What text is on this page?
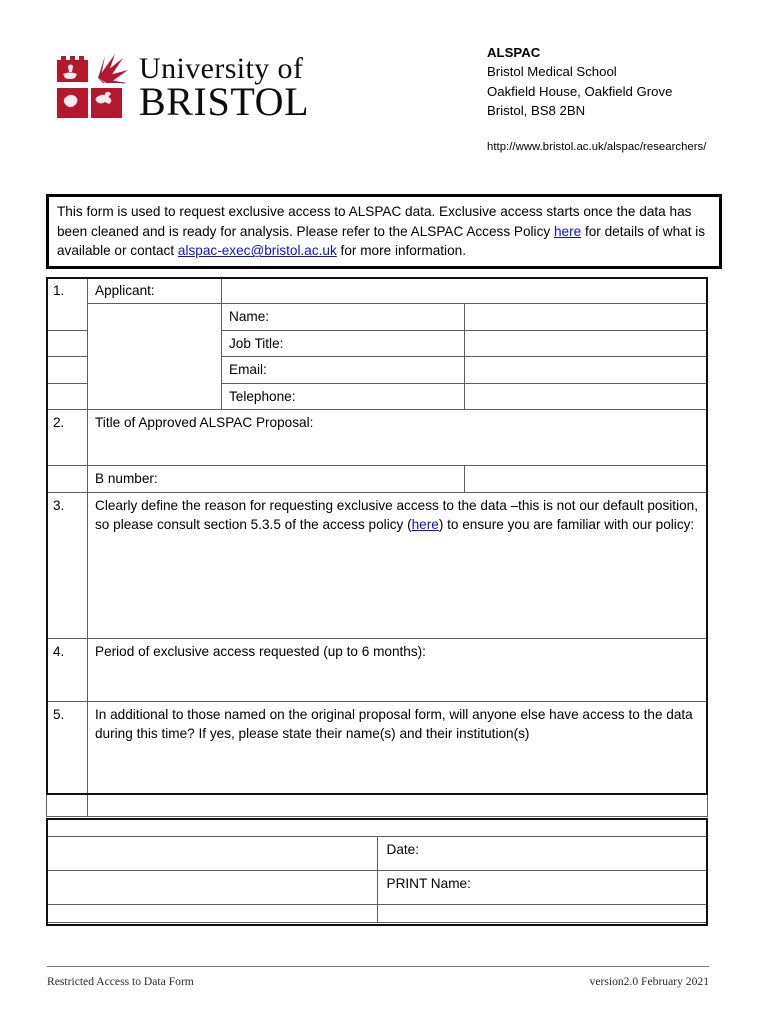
University of
BRISTOL
ALSPAC
Bristol Medical School
Oakfield House, Oakfield Grove
Bristol, BS8 2BN
http://www.bristol.ac.uk/alspac/researchers/
This form is used to request exclusive access to ALSPAC data. Exclusive access starts once the data has been cleaned and is ready for analysis. Please refer to the ALSPAC Access Policy here for details of what is available or contact alspac-exec@bristol.ac.uk for more information.
1.	Applicant:		
		Name:	
		Job Title:	
		Email:	
		Telephone:	
2.	Title of Approved ALSPAC Proposal:		
	B number:		
3.	Clearly define the reason for requesting exclusive access to the data –this is not our default position, so please consult section 5.3.5 of the access policy (here) to ensure you are familiar with our policy:		
4.	Period of exclusive access requested (up to 6 months):		
5.	In additional to those named on the original proposal form, will anyone else have access to the data during this time? If yes, please state their name(s) and their institution(s)		

	Date:
	PRINT Name:

Restricted Access to Data Form	version2.0 February 2021
